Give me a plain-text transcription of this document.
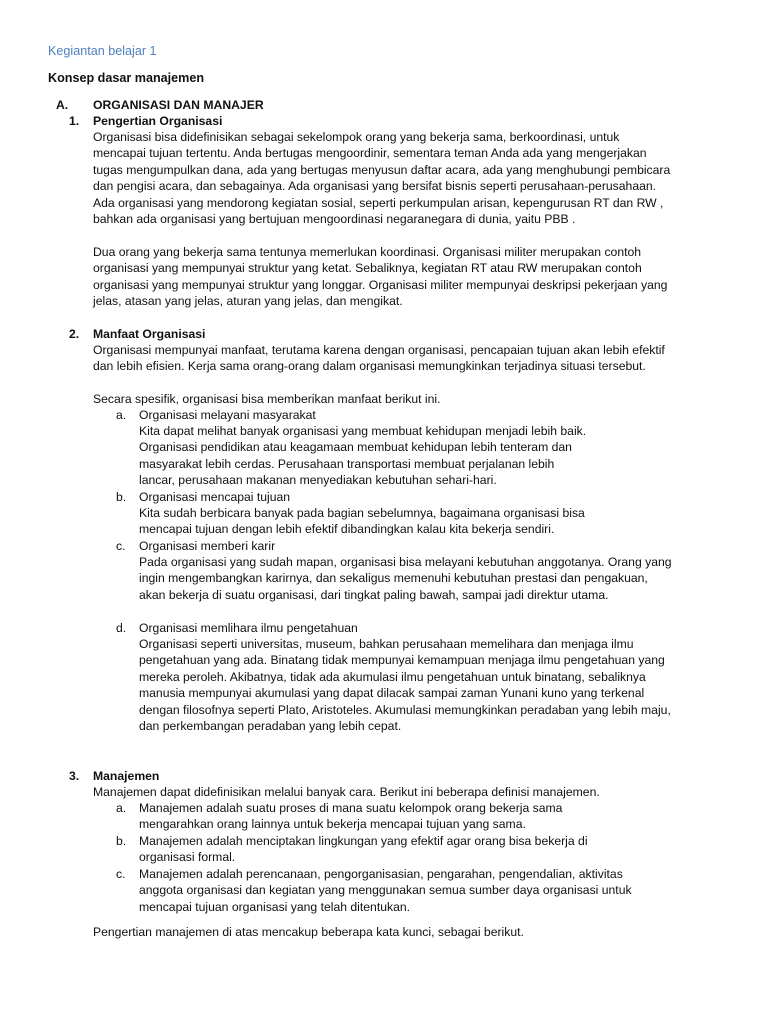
Kegiantan belajar 1
Konsep dasar manajemen
A. ORGANISASI DAN MANAJER
1. Pengertian Organisasi

Organisasi bisa didefinisikan sebagai sekelompok orang yang bekerja sama, berkoordinasi, untuk mencapai tujuan tertentu. Anda bertugas mengoordinir, sementara teman Anda ada yang mengerjakan tugas mengumpulkan dana, ada yang bertugas menyusun daftar acara, ada yang menghubungi pembicara dan pengisi acara, dan sebagainya. Ada organisasi yang bersifat bisnis seperti perusahaan-perusahaan. Ada organisasi yang mendorong kegiatan sosial, seperti perkumpulan arisan, kepengurusan RT dan RW , bahkan ada organisasi yang bertujuan mengoordinasi negaranegara di dunia, yaitu PBB .

Dua orang yang bekerja sama tentunya memerlukan koordinasi. Organisasi militer merupakan contoh organisasi yang mempunyai struktur yang ketat. Sebaliknya, kegiatan RT atau RW merupakan contoh organisasi yang mempunyai struktur yang longgar. Organisasi militer mempunyai deskripsi pekerjaan yang jelas, atasan yang jelas, aturan yang jelas, dan mengikat.

2. Manfaat Organisasi

Organisasi mempunyai manfaat, terutama karena dengan organisasi, pencapaian tujuan akan lebih efektif dan lebih efisien. Kerja sama orang-orang dalam organisasi memungkinkan terjadinya situasi tersebut.

Secara spesifik, organisasi bisa memberikan manfaat berikut ini.

a. Organisasi melayani masyarakat

Kita dapat melihat banyak organisasi yang membuat kehidupan menjadi lebih baik. Organisasi pendidikan atau keagamaan membuat kehidupan lebih tenteram dan masyarakat lebih cerdas. Perusahaan transportasi membuat perjalanan lebih lancar, perusahaan makanan menyediakan kebutuhan sehari-hari.

b. Organisasi mencapai tujuan

Kita sudah berbicara banyak pada bagian sebelumnya, bagaimana organisasi bisa mencapai tujuan dengan lebih efektif dibandingkan kalau kita bekerja sendiri.

c. Organisasi memberi karir

Pada organisasi yang sudah mapan, organisasi bisa melayani kebutuhan anggotanya. Orang yang ingin mengembangkan karirnya, dan sekaligus memenuhi kebutuhan prestasi dan pengakuan, akan bekerja di suatu organisasi, dari tingkat paling bawah, sampai jadi direktur utama.

d. Organisasi memlihara ilmu pengetahuan

Organisasi seperti universitas, museum, bahkan perusahaan memelihara dan menjaga ilmu pengetahuan yang ada. Binatang tidak mempunyai kemampuan menjaga ilmu pengetahuan yang mereka peroleh. Akibatnya, tidak ada akumulasi ilmu pengetahuan untuk binatang, sebaliknya manusia mempunyai akumulasi yang dapat dilacak sampai zaman Yunani kuno yang terkenal dengan filosofnya seperti Plato, Aristoteles. Akumulasi memungkinkan peradaban yang lebih maju, dan perkembangan peradaban yang lebih cepat.

3. Manajemen

Manajemen dapat didefinisikan melalui banyak cara. Berikut ini beberapa definisi manajemen.

a. Manajemen adalah suatu proses di mana suatu kelompok orang bekerja sama mengarahkan orang lainnya untuk bekerja mencapai tujuan yang sama.

b. Manajemen adalah menciptakan lingkungan yang efektif agar orang bisa bekerja di organisasi formal.

c. Manajemen adalah perencanaan, pengorganisasian, pengarahan, pengendalian, aktivitas anggota organisasi dan kegiatan yang menggunakan semua sumber daya organisasi untuk mencapai tujuan organisasi yang telah ditentukan.

Pengertian manajemen di atas mencakup beberapa kata kunci, sebagai berikut.
